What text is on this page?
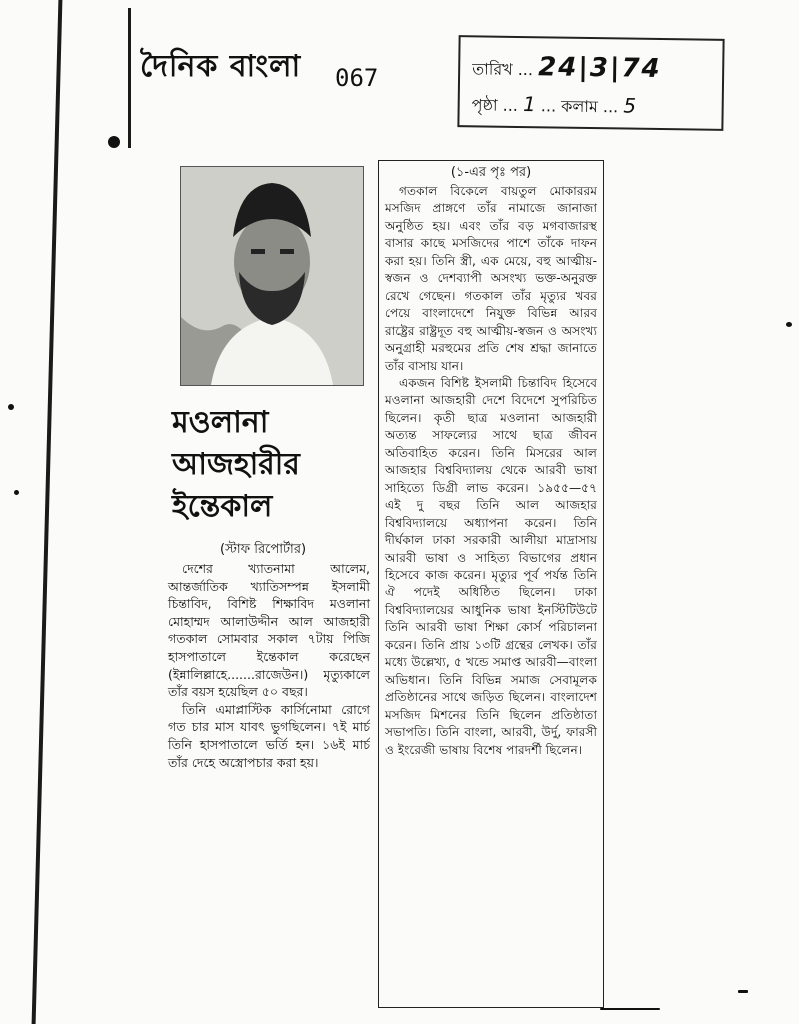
দৈনিক বাংলা 067	তারিখ ... 24|3|74
পৃষ্ঠা ... 1 ... কলাম ... 5
মওলানা
আজহারীর
ইন্তেকাল
(স্টাফ রিপোর্টার)

দেশের খ্যাতনামা আলেম, আন্তর্জাতিক খ্যাতিসম্পন্ন ইসলামী চিন্তাবিদ, বিশিষ্ট শিক্ষাবিদ মওলানা মোহাম্মদ আলাউদ্দীন আল আজহারী গতকাল সোমবার সকাল ৭টায় পিজি হাসপাতালে ইন্তেকাল করেছেন (ইন্নালিল্লাহে.......রাজেউন।) মৃত্যুকালে তাঁর বয়স হয়েছিল ৫০ বছর।

তিনি এমাপ্লাস্টিক কার্সিনোমা রোগে গত চার মাস যাবৎ ভুগছিলেন। ৭ই মার্চ তিনি হাসপাতালে ভর্তি হন। ১৬ই মার্চ তাঁর দেহে অস্ত্রোপচার করা হয়।

(১-এর পৃঃ পর)

গতকাল বিকেলে বায়তুল মোকাররম মসজিদ প্রাঙ্গণে তাঁর নামাজে জানাজা অনুষ্ঠিত হয়। এবং তাঁর বড় মগবাজারস্থ বাসার কাছে মসজিদের পাশে তাঁকে দাফন করা হয়। তিনি স্ত্রী, এক মেয়ে, বহু আত্মীয়-স্বজন ও দেশব্যাপী অসংখ্য ভক্ত-অনুরক্ত রেখে গেছেন। গতকাল তাঁর মৃত্যুর খবর পেয়ে বাংলাদেশে নিযুক্ত বিভিন্ন আরব রাষ্ট্রের রাষ্ট্রদূত বহু আত্মীয়-স্বজন ও অসংখ্য অনুগ্রাহী মরহুমের প্রতি শেষ শ্রদ্ধা জানাতে তাঁর বাসায় যান।

একজন বিশিষ্ট ইসলামী চিন্তাবিদ হিসেবে মওলানা আজহারী দেশে বিদেশে সুপরিচিত ছিলেন। কৃতী ছাত্র মওলানা আজহারী অত্যন্ত সাফল্যের সাথে ছাত্র জীবন অতিবাহিত করেন। তিনি মিসরের আল আজহার বিশ্ববিদ্যালয় থেকে আরবী ভাষা সাহিত্যে ডিগ্রী লাভ করেন। ১৯৫৫—৫৭ এই দু বছর তিনি আল আজহার বিশ্ববিদ্যালয়ে অধ্যাপনা করেন। তিনি দীর্ঘকাল ঢাকা সরকারী আলীয়া মাদ্রাসায় আরবী ভাষা ও সাহিত্য বিভাগের প্রধান হিসেবে কাজ করেন। মৃত্যুর পূর্ব পর্যন্ত তিনি ঐ পদেই অধিষ্ঠিত ছিলেন। ঢাকা বিশ্ববিদ্যালয়ের আধুনিক ভাষা ইনস্টিটিউটে তিনি আরবী ভাষা শিক্ষা কোর্স পরিচালনা করেন। তিনি প্রায় ১৩টি গ্রন্থের লেখক। তাঁর মধ্যে উল্লেখ্য, ৫ খন্ডে সমাপ্ত আরবী—বাংলা অভিধান। তিনি বিভিন্ন সমাজ সেবামূলক প্রতিষ্ঠানের সাথে জড়িত ছিলেন। বাংলাদেশ মসজিদ মিশনের তিনি ছিলেন প্রতিষ্ঠাতা সভাপতি। তিনি বাংলা, আরবী, উর্দু, ফারসী ও ইংরেজী ভাষায় বিশেষ পারদর্শী ছিলেন।
